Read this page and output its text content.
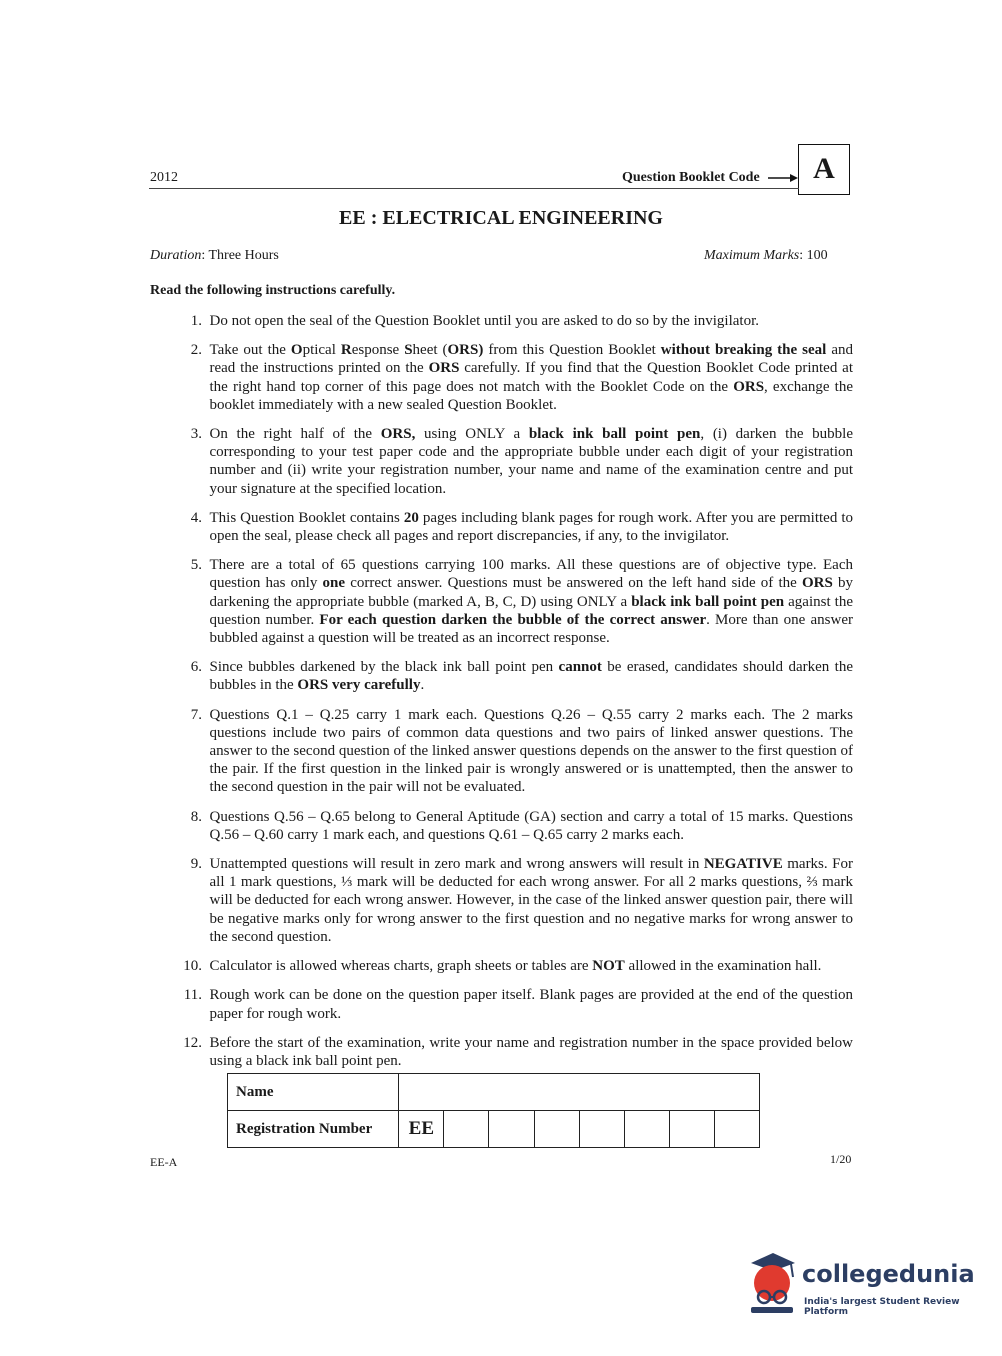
2012	Question Booklet Code	A
EE : ELECTRICAL ENGINEERING
Duration: Three Hours	Maximum Marks: 100
Read the following instructions carefully.
1.
Do not open the seal of the Question Booklet until you are asked to do so by the invigilator.
2.
Take out the Optical Response Sheet (ORS) from this Question Booklet without breaking the seal and read the instructions printed on the ORS carefully. If you find that the Question Booklet Code printed at the right hand top corner of this page does not match with the Booklet Code on the ORS, exchange the booklet immediately with a new sealed Question Booklet.
3.
On the right half of the ORS, using ONLY a black ink ball point pen, (i) darken the bubble corresponding to your test paper code and the appropriate bubble under each digit of your registration number and (ii) write your registration number, your name and name of the examination centre and put your signature at the specified location.
4.
This Question Booklet contains 20 pages including blank pages for rough work. After you are permitted to open the seal, please check all pages and report discrepancies, if any, to the invigilator.
5.
There are a total of 65 questions carrying 100 marks. All these questions are of objective type. Each question has only one correct answer. Questions must be answered on the left hand side of the ORS by darkening the appropriate bubble (marked A, B, C, D) using ONLY a black ink ball point pen against the question number. For each question darken the bubble of the correct answer. More than one answer bubbled against a question will be treated as an incorrect response.
6.
Since bubbles darkened by the black ink ball point pen cannot be erased, candidates should darken the bubbles in the ORS very carefully.
7.
Questions Q.1 – Q.25 carry 1 mark each. Questions Q.26 – Q.55 carry 2 marks each. The 2 marks questions include two pairs of common data questions and two pairs of linked answer questions. The answer to the second question of the linked answer questions depends on the answer to the first question of the pair. If the first question in the linked pair is wrongly answered or is unattempted, then the answer to the second question in the pair will not be evaluated.
8.
Questions Q.56 – Q.65 belong to General Aptitude (GA) section and carry a total of 15 marks. Questions Q.56 – Q.60 carry 1 mark each, and questions Q.61 – Q.65 carry 2 marks each.
9.
Unattempted questions will result in zero mark and wrong answers will result in NEGATIVE marks. For all 1 mark questions, ⅓ mark will be deducted for each wrong answer. For all 2 marks questions, ⅔ mark will be deducted for each wrong answer. However, in the case of the linked answer question pair, there will be negative marks only for wrong answer to the first question and no negative marks for wrong answer to the second question.
10.
Calculator is allowed whereas charts, graph sheets or tables are NOT allowed in the examination hall.
11.
Rough work can be done on the question paper itself. Blank pages are provided at the end of the question paper for rough work.
12.
Before the start of the examination, write your name and registration number in the space provided below using a black ink ball point pen.
Name								
Registration Number	EE							
EE-A	1/20
collegedunia
India's largest Student Review Platform
